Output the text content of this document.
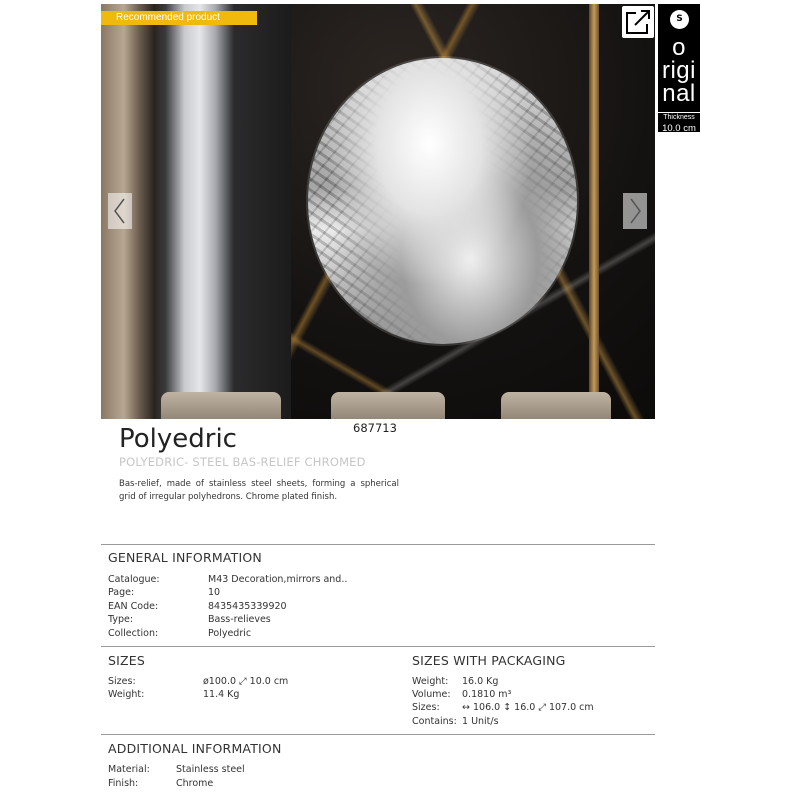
Recommended product	S
o
rigi
nal
Thickness
10.0 cm
Polyedric	687713
POLYEDRIC- STEEL BAS-RELIEF CHROMED
Bas-relief, made of stainless steel sheets, forming a spherical grid of irregular polyhedrons. Chrome plated finish.
GENERAL INFORMATION
Catalogue:	M43 Decoration,mirrors and..
Page:	10
EAN Code:	8435435339920
Type:	Bass-relieves
Collection:	Polyedric
SIZES
Sizes:	ø100.0 ⤢ 10.0 cm
Weight:	11.4 Kg
SIZES WITH PACKAGING
Weight: 16.0 Kg
Volume: 0.1810 m³
Sizes: ↔ 106.0 ↕ 16.0 ⤢ 107.0 cm
Contains: 1 Unit/s
ADDITIONAL INFORMATION
Material:	Stainless steel
Finish:	Chrome
